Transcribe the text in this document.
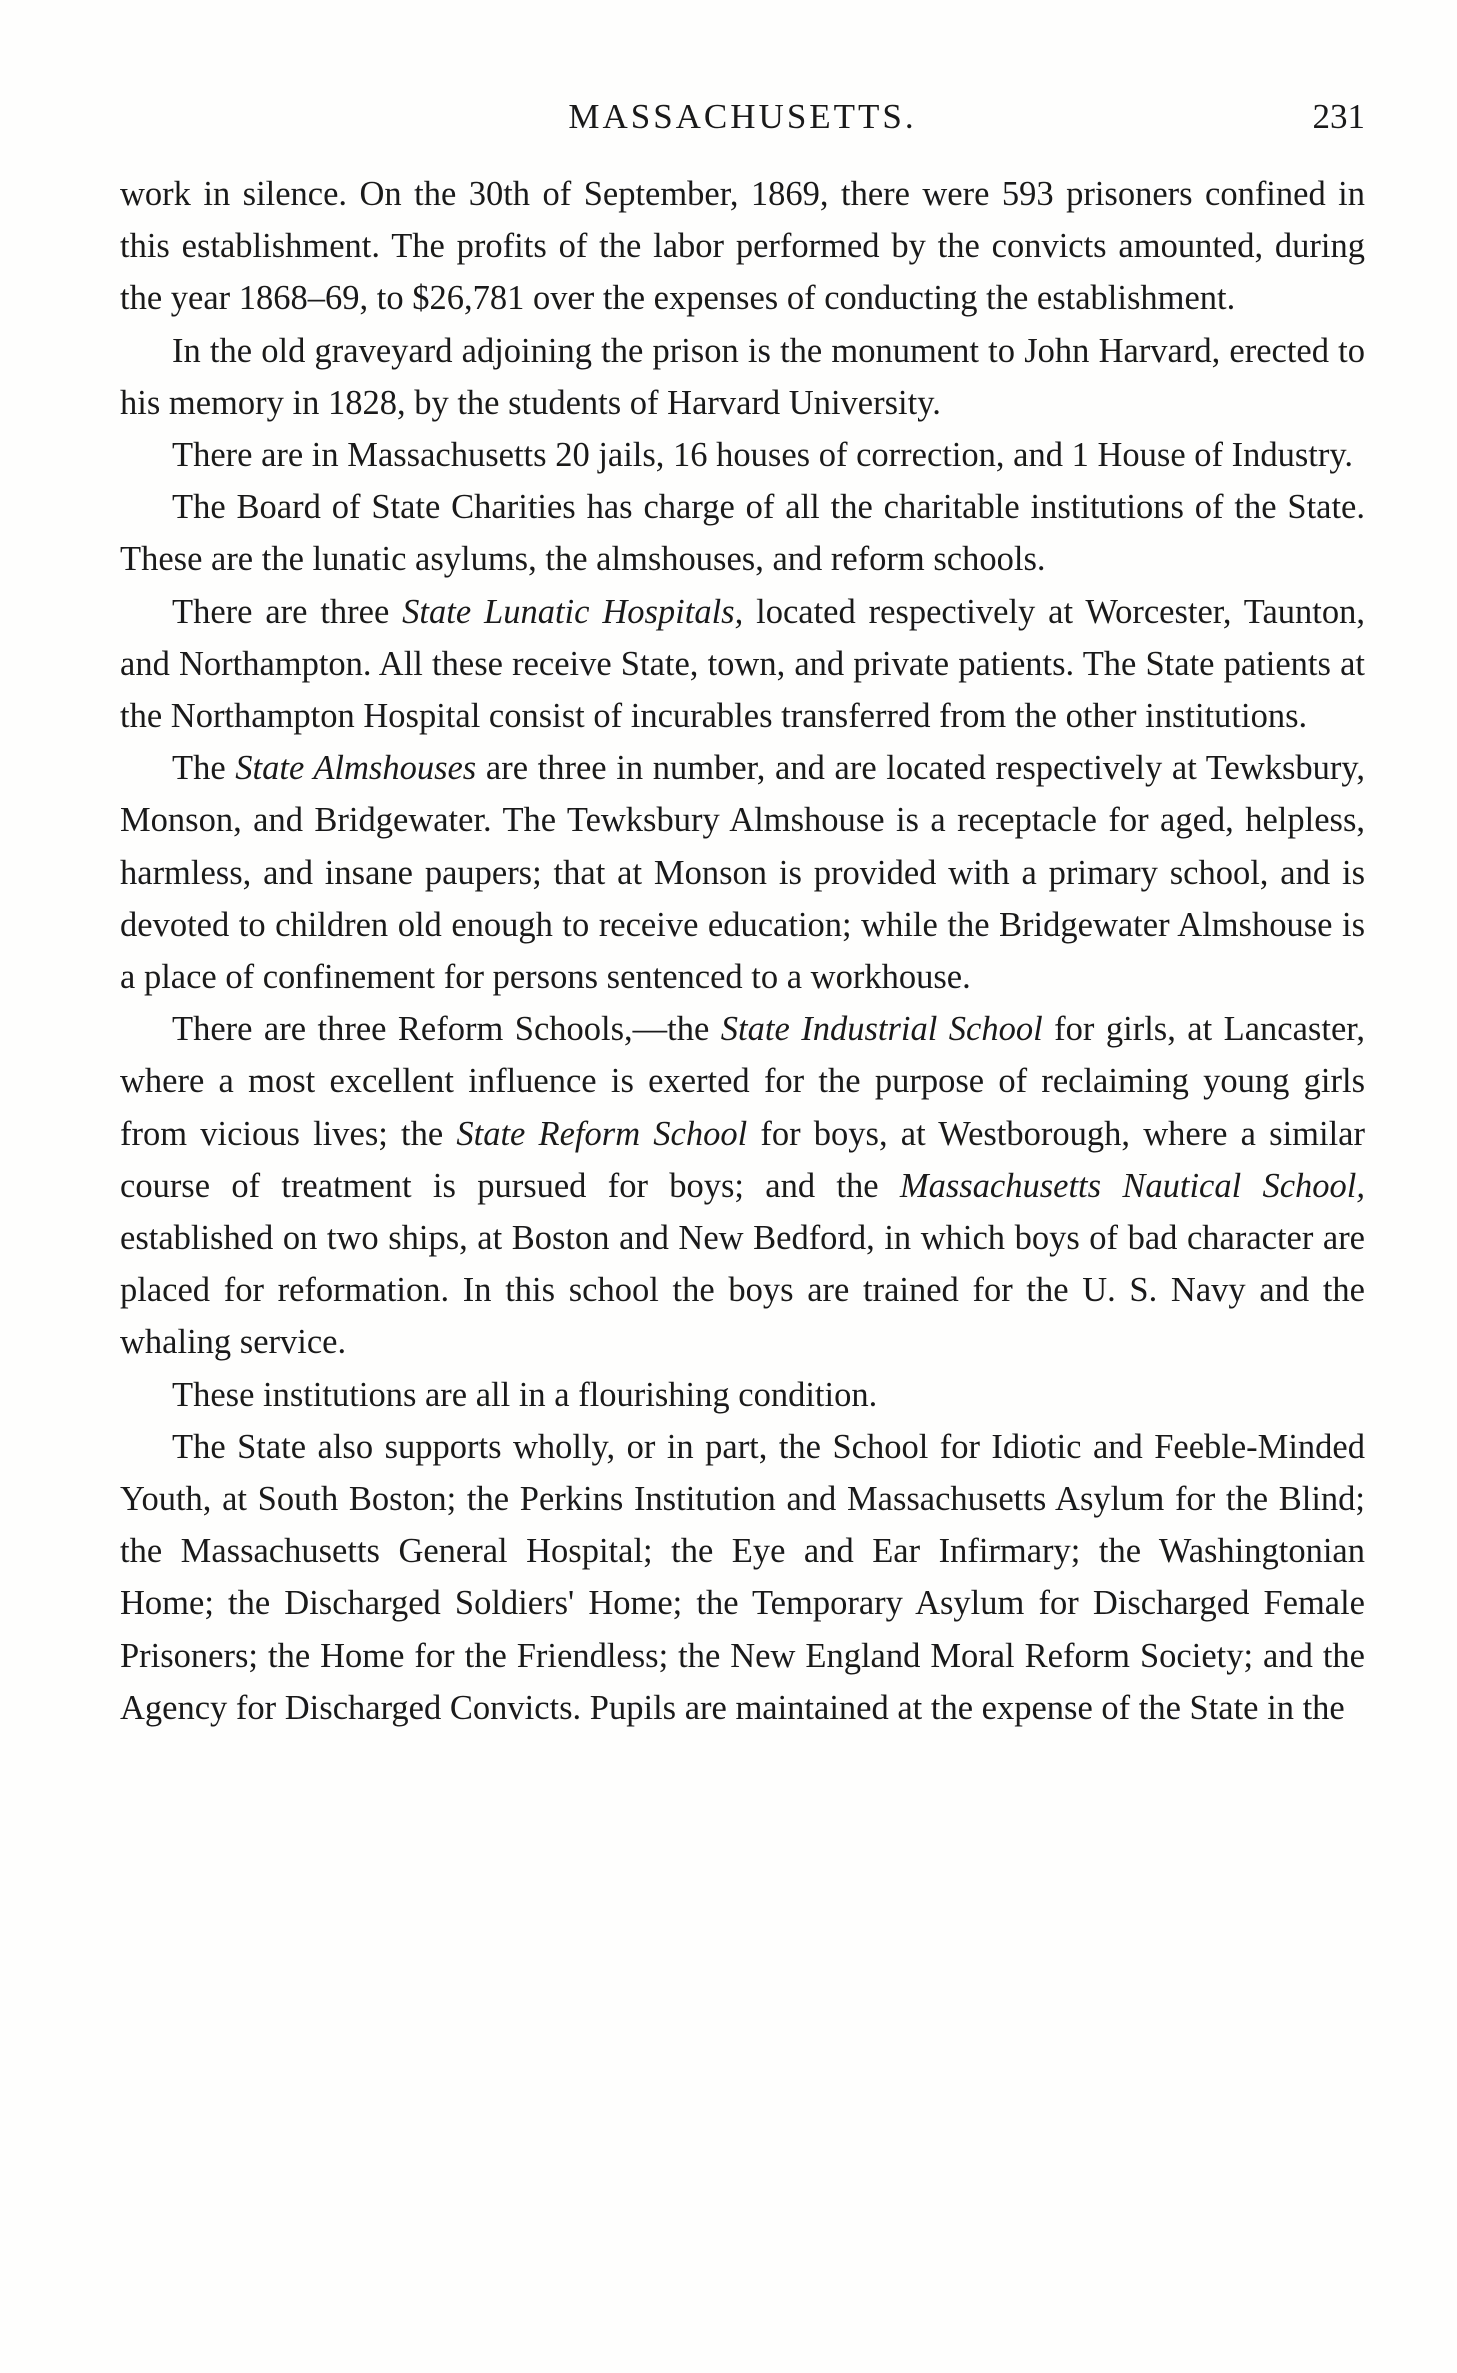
MASSACHUSETTS.	231

work in silence. On the 30th of September, 1869, there were 593 prisoners confined in this establishment. The profits of the labor performed by the convicts amounted, during the year 1868–69, to $26,781 over the expenses of conducting the establishment.

In the old graveyard adjoining the prison is the monument to John Harvard, erected to his memory in 1828, by the students of Harvard University.

There are in Massachusetts 20 jails, 16 houses of correction, and 1 House of Industry.

The Board of State Charities has charge of all the charitable institutions of the State. These are the lunatic asylums, the almshouses, and reform schools.

There are three State Lunatic Hospitals, located respectively at Worcester, Taunton, and Northampton. All these receive State, town, and private patients. The State patients at the Northampton Hospital consist of incurables transferred from the other institutions.

The State Almshouses are three in number, and are located respectively at Tewksbury, Monson, and Bridgewater. The Tewksbury Almshouse is a receptacle for aged, helpless, harmless, and insane paupers; that at Monson is provided with a primary school, and is devoted to children old enough to receive education; while the Bridgewater Almshouse is a place of confinement for persons sentenced to a workhouse.

There are three Reform Schools,—the State Industrial School for girls, at Lancaster, where a most excellent influence is exerted for the purpose of reclaiming young girls from vicious lives; the State Reform School for boys, at Westborough, where a similar course of treatment is pursued for boys; and the Massachusetts Nautical School, established on two ships, at Boston and New Bedford, in which boys of bad character are placed for reformation. In this school the boys are trained for the U. S. Navy and the whaling service.

These institutions are all in a flourishing condition.

The State also supports wholly, or in part, the School for Idiotic and Feeble-Minded Youth, at South Boston; the Perkins Institution and Massachusetts Asylum for the Blind; the Massachusetts General Hospital; the Eye and Ear Infirmary; the Washingtonian Home; the Discharged Soldiers' Home; the Temporary Asylum for Discharged Female Prisoners; the Home for the Friendless; the New England Moral Reform Society; and the Agency for Discharged Convicts. Pupils are maintained at the expense of the State in the
